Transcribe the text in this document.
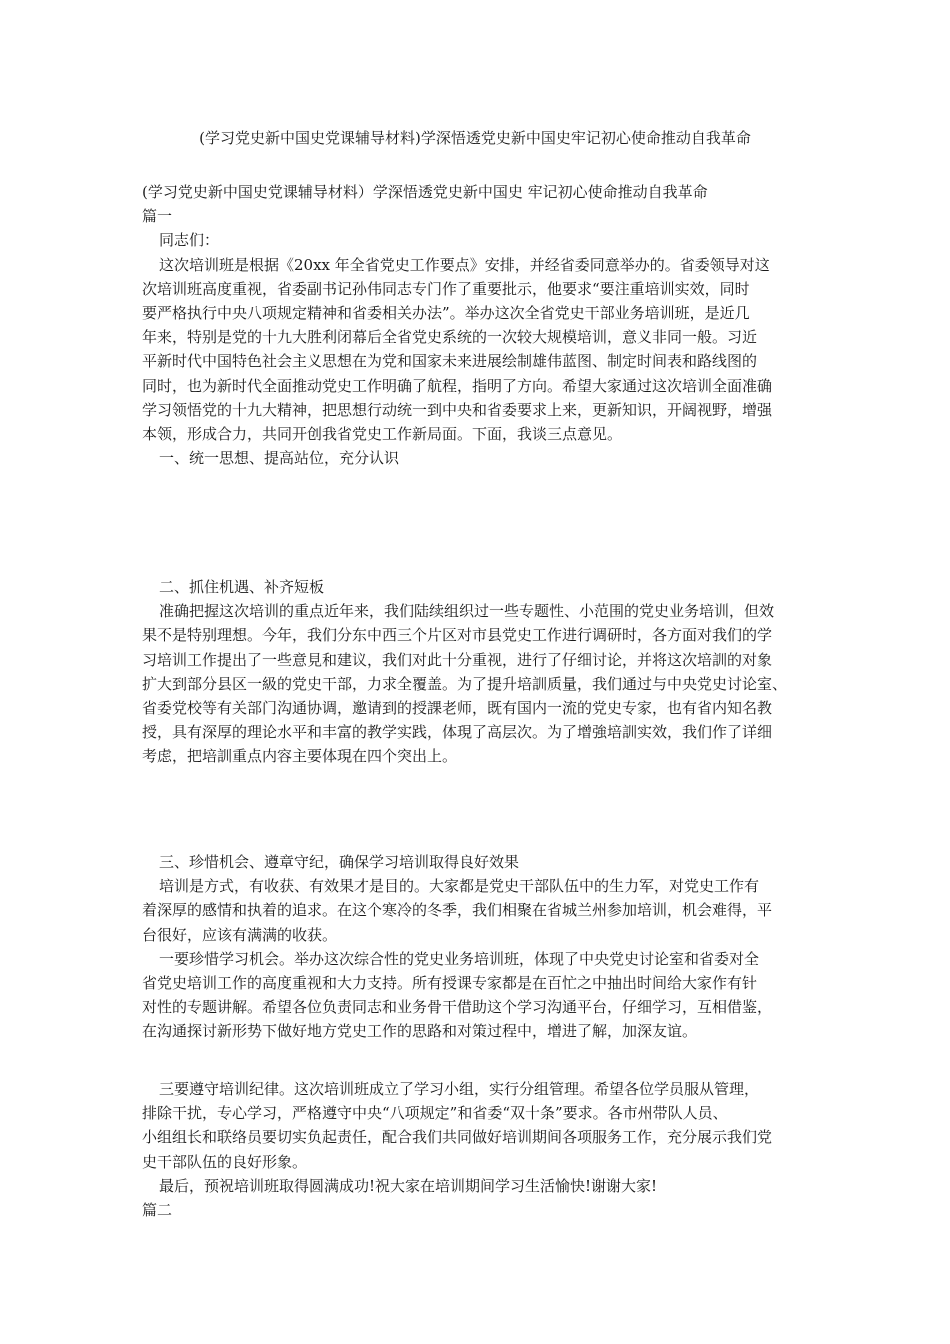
(学习党史新中国史党课辅导材料)学深悟透党史新中国史牢记初心使命推动自我革命
(学习党史新中国史党课辅导材料）学深悟透党史新中国史 牢记初心使命推动自我革命
篇一
同志们：
这次培训班是根据《20xx 年全省党史工作要点》安排，并经省委同意举办的。省委领导对这
次培训班高度重视，省委副书记孙伟同志专门作了重要批示，他要求“要注重培训实效，同时
要严格执行中央八项规定精神和省委相关办法”。举办这次全省党史干部业务培训班，是近几
年来，特别是党的十九大胜利闭幕后全省党史系统的一次较大规模培训，意义非同一般。习近
平新时代中国特色社会主义思想在为党和国家未来进展绘制雄伟蓝图、制定时间表和路线图的
同时，也为新时代全面推动党史工作明确了航程，指明了方向。希望大家通过这次培训全面准确
学习领悟党的十九大精神，把思想行动统一到中央和省委要求上来，更新知识，开阔视野，增强
本领，形成合力，共同开创我省党史工作新局面。下面，我谈三点意见。
一、统一思想、提高站位，充分认识
二、抓住机遇、补齐短板
准确把握这次培训的重点近年来，我们陆续组织过一些专题性、小范围的党史业务培训，但效
果不是特别理想。今年，我们分东中西三个片区对市县党史工作进行调研时，各方面对我们的学
习培训工作提出了一些意見和建议，我们对此十分重视，进行了仔细讨论，并将这次培訓的对象
扩大到部分县区一級的党史干部，力求全覆盖。为了提升培訓质量，我们通过与中央党史讨论室、
省委党校等有关部门沟通协调，邀请到的授課老师，既有国内一流的党史专家，也有省内知名教
授，具有深厚的理论水平和丰富的教学实践，体現了高层次。为了增強培訓实效，我们作了详细
考虑，把培訓重点内容主要体現在四个突出上。
三、珍惜机会、遵章守纪，确保学习培训取得良好效果
培训是方式，有收获、有效果才是目的。大家都是党史干部队伍中的生力军，对党史工作有
着深厚的感情和执着的追求。在这个寒冷的冬季，我们相聚在省城兰州参加培训，机会难得，平
台很好，应该有满满的收获。
一要珍惜学习机会。举办这次综合性的党史业务培训班，体现了中央党史讨论室和省委对全
省党史培训工作的高度重视和大力支持。所有授课专家都是在百忙之中抽出时间给大家作有针
对性的专题讲解。希望各位负责同志和业务骨干借助这个学习沟通平台，仔细学习，互相借鉴，
在沟通探讨新形势下做好地方党史工作的思路和对策过程中，增进了解，加深友谊。
三要遵守培训纪律。这次培训班成立了学习小组，实行分组管理。希望各位学员服从管理，
排除干扰，专心学习，严格遵守中央“八项规定”和省委“双十条”要求。各市州带队人员、
小组组长和联络员要切实负起责任，配合我们共同做好培训期间各项服务工作，充分展示我们党
史干部队伍的良好形象。
最后，预祝培训班取得圆满成功!祝大家在培训期间学习生活愉快!谢谢大家!
篇二
